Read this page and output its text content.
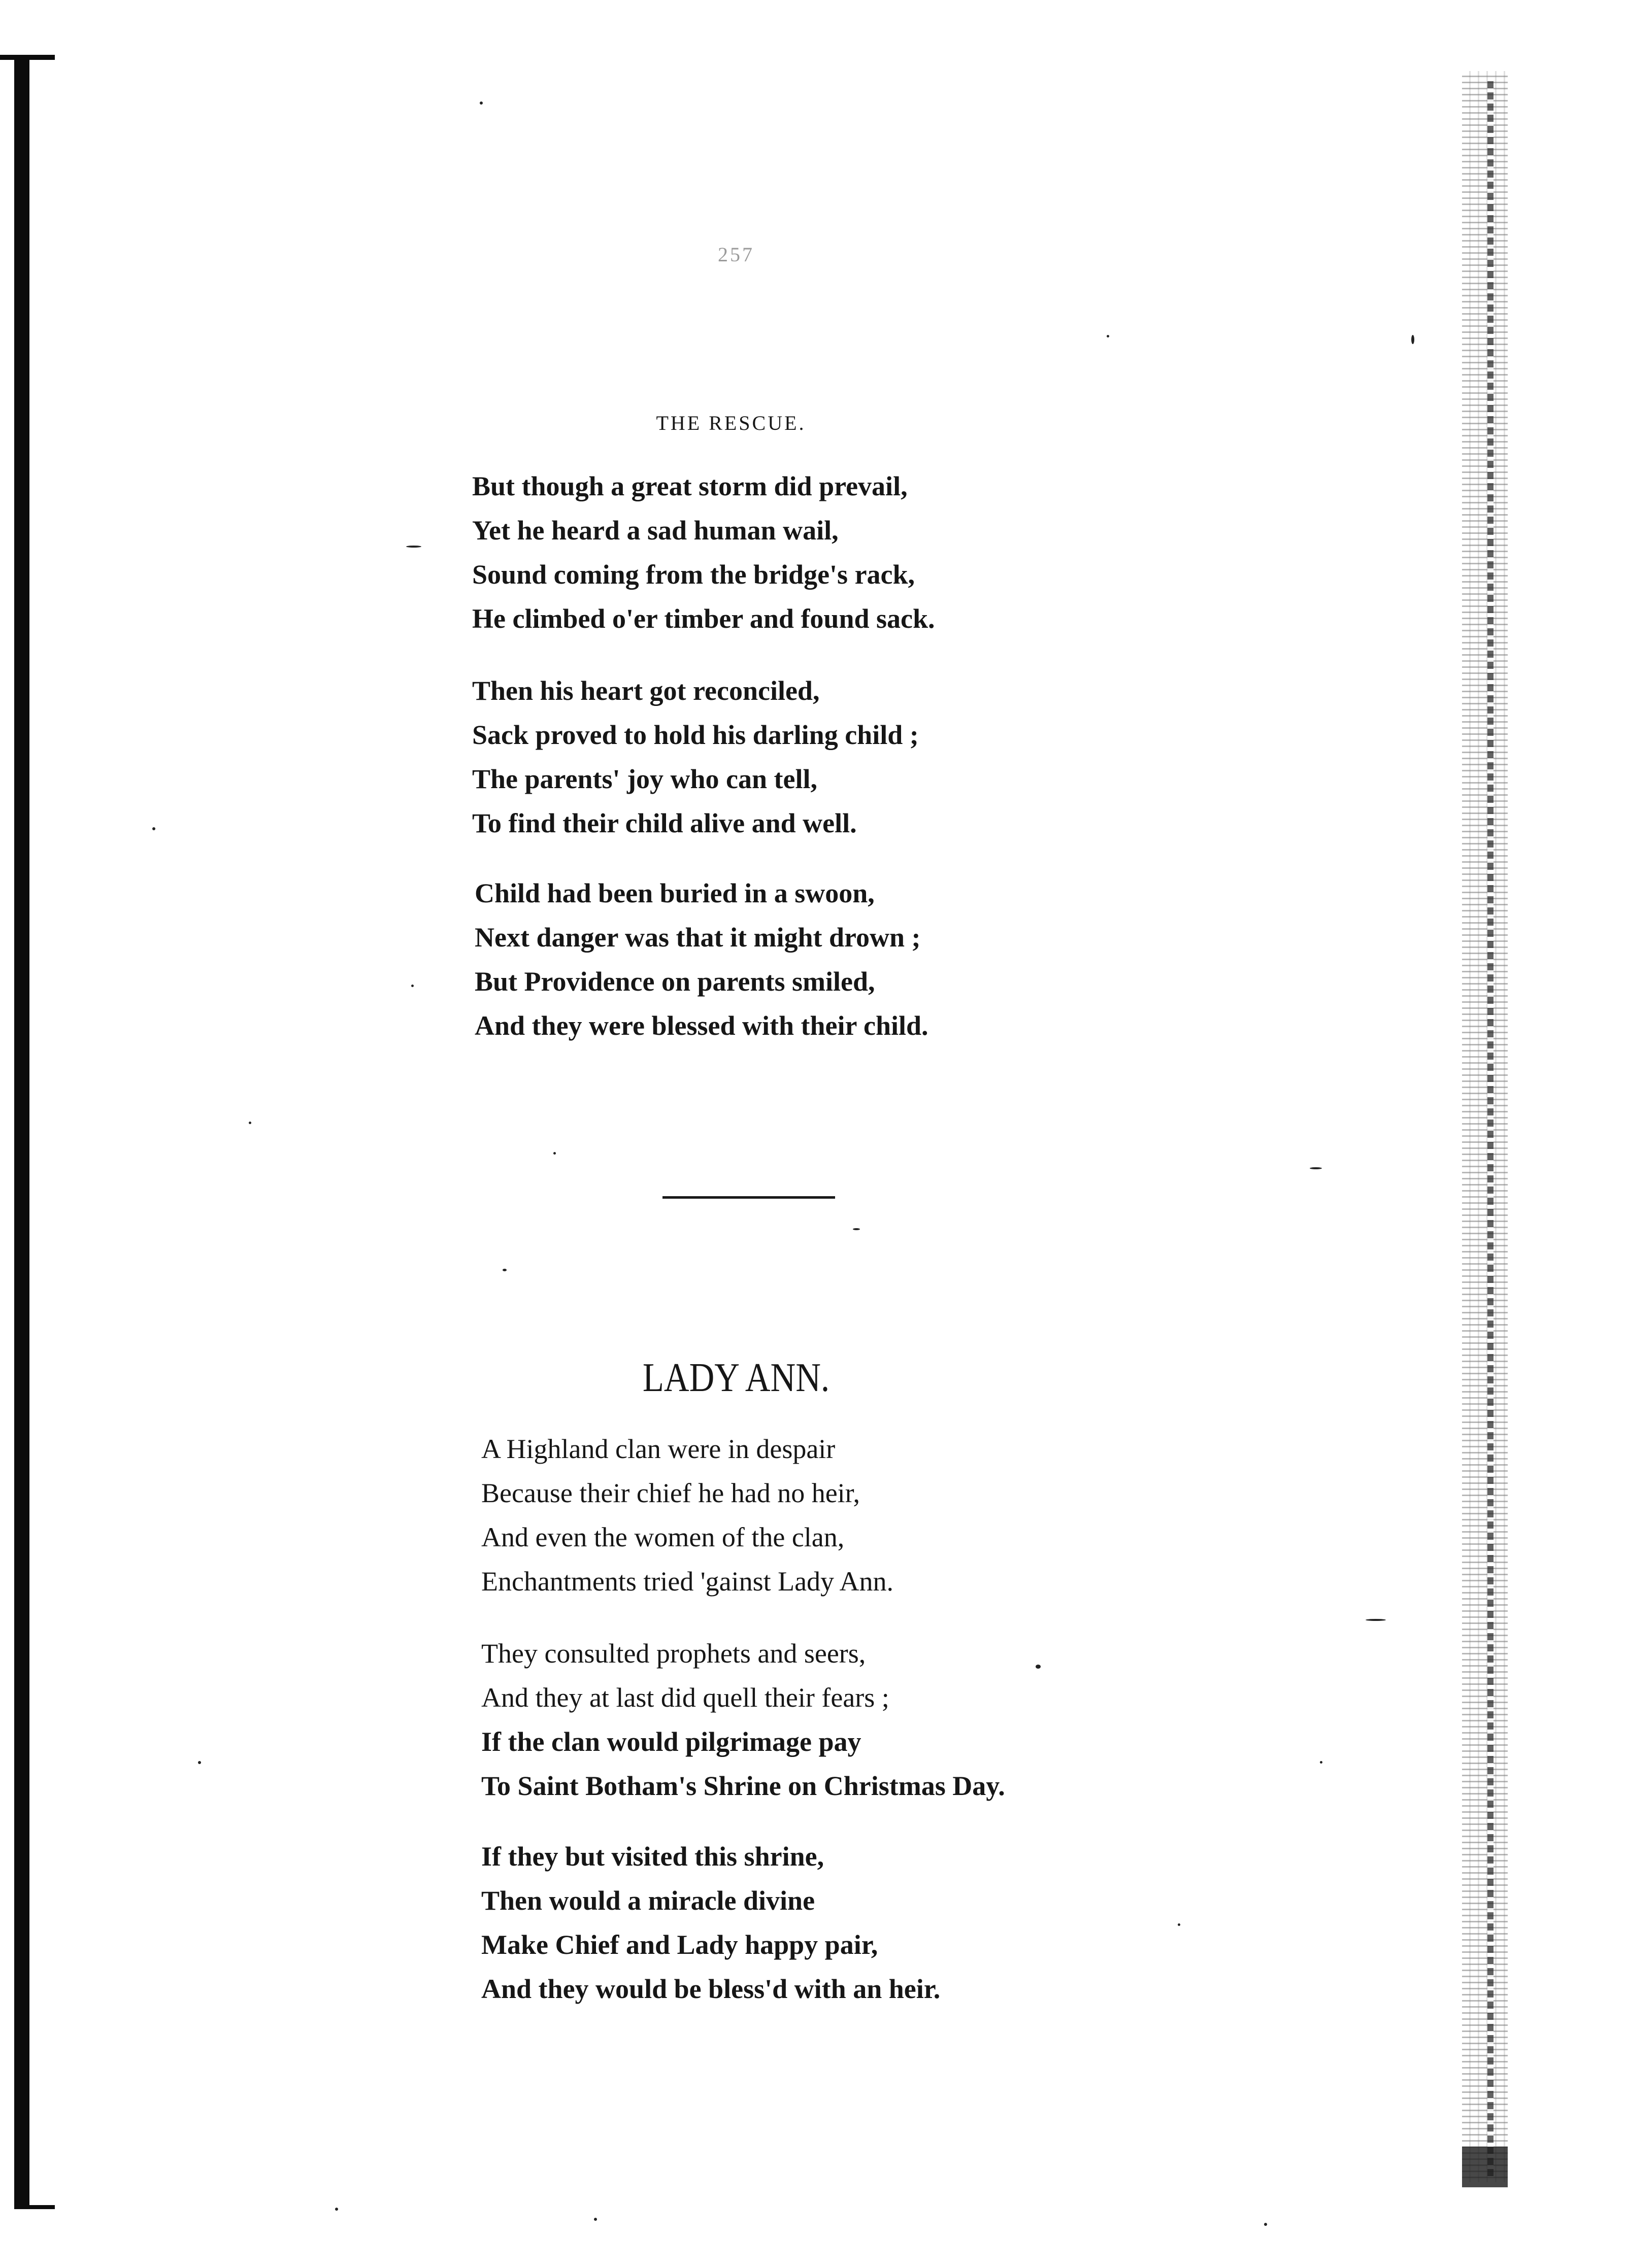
257
THE RESCUE.
But though a great storm did prevail,
Yet he heard a sad human wail,
Sound coming from the bridge's rack,
He climbed o'er timber and found sack.
Then his heart got reconciled,
Sack proved to hold his darling child ;
The parents' joy who can tell,
To find their child alive and well.
Child had been buried in a swoon,
Next danger was that it might drown ;
But Providence on parents smiled,
And they were blessed with their child.
LADY ANN.
A Highland clan were in despair
Because their chief he had no heir,
And even the women of the clan,
Enchantments tried 'gainst Lady Ann.
They consulted prophets and seers,
And they at last did quell their fears ;
If the clan would pilgrimage pay
To Saint Botham's Shrine on Christmas Day.
If they but visited this shrine,
Then would a miracle divine
Make Chief and Lady happy pair,
And they would be bless'd with an heir.
